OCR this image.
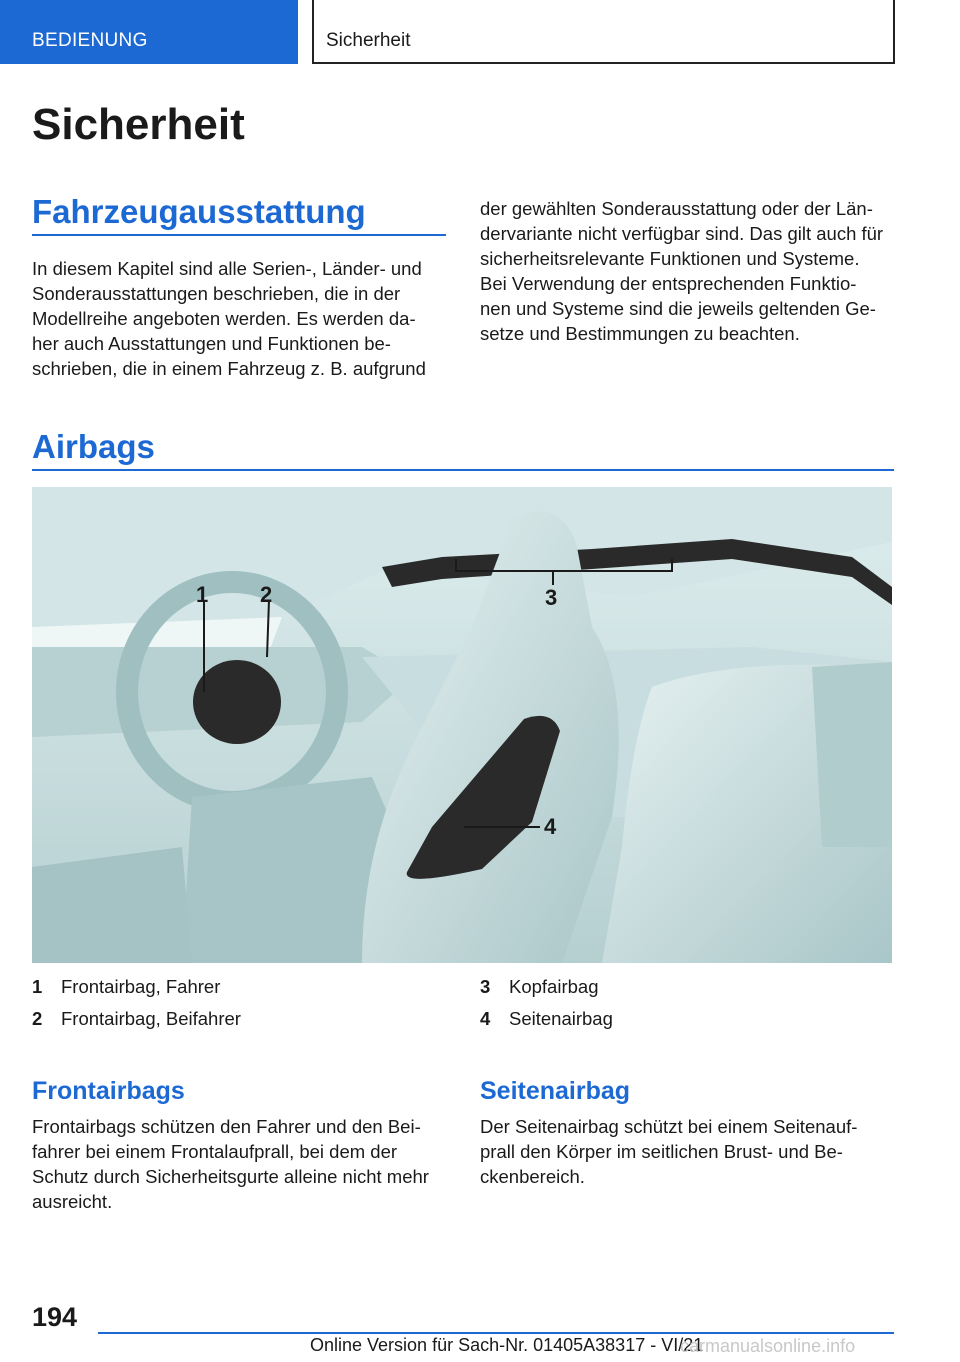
BEDIENUNG	Sicherheit
Sicherheit
Fahrzeugausstattung
In diesem Kapitel sind alle Serien-, Länder- und
Sonderausstattungen beschrieben, die in der
Modellreihe angeboten werden. Es werden da-
her auch Ausstattungen und Funktionen be-
schrieben, die in einem Fahrzeug z. B. aufgrund
der gewählten Sonderausstattung oder der Län-
dervariante nicht verfügbar sind. Das gilt auch für
sicherheitsrelevante Funktionen und Systeme.
Bei Verwendung der entsprechenden Funktio-
nen und Systeme sind die jeweils geltenden Ge-
setze und Bestimmungen zu beachten.
Airbags
1 2	3
4
1	Frontairbag, Fahrer
2	Frontairbag, Beifahrer
3	Kopfairbag
4	Seitenairbag
Frontairbags
Frontairbags schützen den Fahrer und den Bei-
fahrer bei einem Frontalaufprall, bei dem der
Schutz durch Sicherheitsgurte alleine nicht mehr
ausreicht.
Seitenairbag
Der Seitenairbag schützt bei einem Seitenauf-
prall den Körper im seitlichen Brust- und Be-
ckenbereich.
194
Online Version für Sach-Nr. 01405A38317 - VI/21
carmanualsonline.info
